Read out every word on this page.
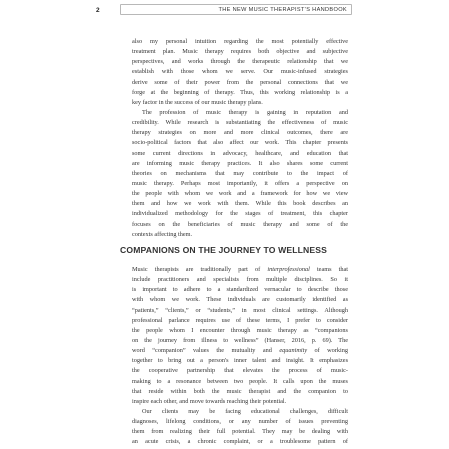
2	THE NEW MUSIC THERAPIST'S HANDBOOK
also my personal intuition regarding the most potentially effective
treatment plan. Music therapy requires both objective and subjective
perspectives, and works through the therapeutic relationship that we
establish with those whom we serve. Our music-infused strategies
derive some of their power from the personal connections that we
forge at the beginning of therapy. Thus, this working relationship is a
key factor in the success of our music therapy plans.
The profession of music therapy is gaining in reputation and
credibility. While research is substantiating the effectiveness of music
therapy strategies on more and more clinical outcomes, there are
socio-political factors that also affect our work. This chapter presents
some current directions in advocacy, healthcare, and education that
are informing music therapy practices. It also shares some current
theories on mechanisms that may contribute to the impact of
music therapy. Perhaps most importantly, it offers a perspective on
the people with whom we work and a framework for how we view
them and how we work with them. While this book describes an
individualized methodology for the stages of treatment, this chapter
focuses on the beneficiaries of music therapy and some of the
contexts affecting them.
COMPANIONS ON THE JOURNEY TO WELLNESS
Music therapists are traditionally part of interprofessional teams that
include practitioners and specialists from multiple disciplines. So it
is important to adhere to a standardized vernacular to describe those
with whom we work. These individuals are customarily identified as
“patients,” “clients,” or “students,” in most clinical settings. Although
professional parlance requires use of these terms, I prefer to consider
the people whom I encounter through music therapy as “companions
on the journey from illness to wellness” (Hanser, 2016, p. 69). The
word “companion” values the mutuality and equanimity of working
together to bring out a person's inner talent and insight. It emphasizes
the cooperative partnership that elevates the process of music-
making to a resonance between two people. It calls upon the muses
that reside within both the music therapist and the companion to
inspire each other, and move towards reaching their potential.
Our clients may be facing educational challenges, difficult
diagnoses, lifelong conditions, or any number of issues preventing
them from realizing their full potential. They may be dealing with
an acute crisis, a chronic complaint, or a troublesome pattern of
